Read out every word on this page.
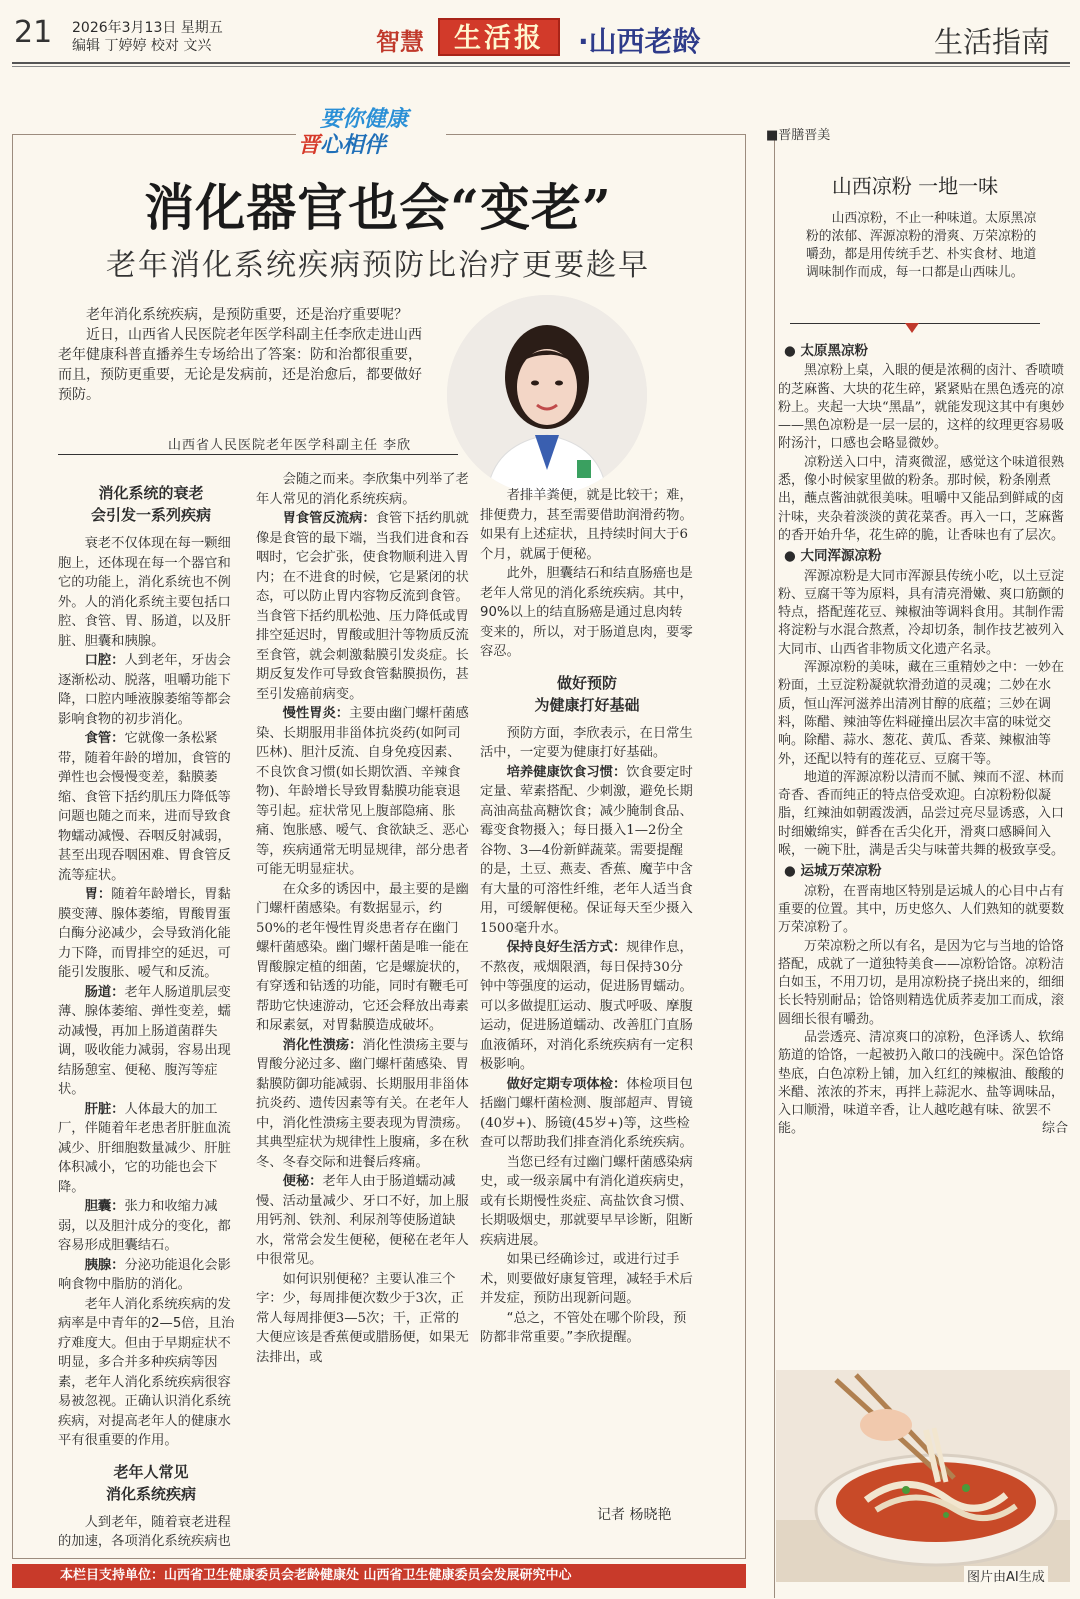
21 2026年3月13日 星期五
编辑 丁婷婷 校对 文兴	智慧	生活报	·山西老龄	生活指南
要你健康
晋心相伴
消化器官也会“变老”
老年消化系统疾病预防比治疗更要趁早

老年消化系统疾病，是预防重要，还是治疗重要呢？

近日，山西省人民医院老年医学科副主任李欣走进山西老年健康科普直播养生专场给出了答案：防和治都很重要，而且，预防更重要，无论是发病前，还是治愈后，都要做好预防。

山西省人民医院老年医学科副主任 李欣
消化系统的衰老
会引发一系列疾病

衰老不仅体现在每一颗细胞上，还体现在每一个器官和它的功能上，消化系统也不例外。人的消化系统主要包括口腔、食管、胃、肠道，以及肝脏、胆囊和胰腺。

口腔：人到老年，牙齿会逐渐松动、脱落，咀嚼功能下降，口腔内唾液腺萎缩等都会影响食物的初步消化。

食管：它就像一条松紧带，随着年龄的增加，食管的弹性也会慢慢变差，黏膜萎缩、食管下括约肌压力降低等问题也随之而来，进而导致食物蠕动减慢、吞咽反射减弱，甚至出现吞咽困难、胃食管反流等症状。

胃：随着年龄增长，胃黏膜变薄、腺体萎缩，胃酸胃蛋白酶分泌减少，会导致消化能力下降，而胃排空的延迟，可能引发腹胀、嗳气和反流。

肠道：老年人肠道肌层变薄、腺体萎缩、弹性变差，蠕动减慢，再加上肠道菌群失调，吸收能力减弱，容易出现结肠憩室、便秘、腹泻等症状。

肝脏：人体最大的加工厂，伴随着年老患者肝脏血流减少、肝细胞数量减少、肝脏体积减小，它的功能也会下降。

胆囊：张力和收缩力减弱，以及胆汁成分的变化，都容易形成胆囊结石。

胰腺：分泌功能退化会影响食物中脂肪的消化。

老年人消化系统疾病的发病率是中青年的2—5倍，且治疗难度大。但由于早期症状不明显，多合并多种疾病等因素，老年人消化系统疾病很容易被忽视。正确认识消化系统疾病，对提高老年人的健康水平有很重要的作用。

老年人常见
消化系统疾病

人到老年，随着衰老进程的加速，各项消化系统疾病也

会随之而来。李欣集中列举了老年人常见的消化系统疾病。

胃食管反流病：食管下括约肌就像是食管的最下端，当我们进食和吞咽时，它会扩张，使食物顺利进入胃内；在不进食的时候，它是紧闭的状态，可以防止胃内容物反流到食管。当食管下括约肌松弛、压力降低或胃排空延迟时，胃酸或胆汁等物质反流至食管，就会刺激黏膜引发炎症。长期反复发作可导致食管黏膜损伤，甚至引发癌前病变。

慢性胃炎：主要由幽门螺杆菌感染、长期服用非甾体抗炎药(如阿司匹林)、胆汁反流、自身免疫因素、不良饮食习惯(如长期饮酒、辛辣食物)、年龄增长导致胃黏膜功能衰退等引起。症状常见上腹部隐痛、胀痛、饱胀感、嗳气、食欲缺乏、恶心等，疾病通常无明显规律，部分患者可能无明显症状。

在众多的诱因中，最主要的是幽门螺杆菌感染。有数据显示，约50%的老年慢性胃炎患者存在幽门螺杆菌感染。幽门螺杆菌是唯一能在胃酸腺定植的细菌，它是螺旋状的，有穿透和钻透的功能，同时有鞭毛可帮助它快速游动，它还会释放出毒素和尿素氨，对胃黏膜造成破坏。

消化性溃疡：消化性溃疡主要与胃酸分泌过多、幽门螺杆菌感染、胃黏膜防御功能减弱、长期服用非甾体抗炎药、遗传因素等有关。在老年人中，消化性溃疡主要表现为胃溃疡。其典型症状为规律性上腹痛，多在秋冬、冬春交际和进餐后疼痛。

便秘：老年人由于肠道蠕动减慢、活动量减少、牙口不好，加上服用钙剂、铁剂、利尿剂等使肠道缺水，常常会发生便秘，便秘在老年人中很常见。

如何识别便秘？主要认准三个字：少，每周排便次数少于3次，正常人每周排便3—5次；干，正常的大便应该是香蕉便或腊肠便，如果无法排出，或

者排羊粪便，就是比较干；难，排便费力，甚至需要借助润滑药物。如果有上述症状，且持续时间大于6个月，就属于便秘。

此外，胆囊结石和结直肠癌也是老年人常见的消化系统疾病。其中，90%以上的结直肠癌是通过息肉转变来的，所以，对于肠道息肉，要零容忍。

做好预防
为健康打好基础

预防方面，李欣表示，在日常生活中，一定要为健康打好基础。

培养健康饮食习惯：饮食要定时定量、荤素搭配、少刺激，避免长期高油高盐高糖饮食；减少腌制食品、霉变食物摄入；每日摄入1—2份全谷物、3—4份新鲜蔬菜。需要提醒的是，土豆、燕麦、香蕉、魔芋中含有大量的可溶性纤维，老年人适当食用，可缓解便秘。保证每天至少摄入1500毫升水。

保持良好生活方式：规律作息，不熬夜，戒烟限酒，每日保持30分钟中等强度的运动，促进肠胃蠕动。可以多做提肛运动、腹式呼吸、摩腹运动，促进肠道蠕动、改善肛门直肠血液循环，对消化系统疾病有一定积极影响。

做好定期专项体检：体检项目包括幽门螺杆菌检测、腹部超声、胃镜(40岁+)、肠镜(45岁+)等，这些检查可以帮助我们排查消化系统疾病。

当您已经有过幽门螺杆菌感染病史，或一级亲属中有消化道疾病史，或有长期慢性炎症、高盐饮食习惯、长期吸烟史，那就要早早诊断，阻断疾病进展。

如果已经确诊过，或进行过手术，则要做好康复管理，减轻手术后并发症，预防出现新问题。

“总之，不管处在哪个阶段，预防都非常重要。”李欣提醒。

记者 杨晓艳
■晋膳晋美
山西凉粉 一地一味

山西凉粉，不止一种味道。太原黑凉粉的浓郁、浑源凉粉的滑爽、万荣凉粉的嚼劲，都是用传统手艺、朴实食材、地道调味制作而成，每一口都是山西味儿。

● 太原黑凉粉

黑凉粉上桌，入眼的便是浓稠的卤汁、香喷喷的芝麻酱、大块的花生碎，紧紧贴在黑色透亮的凉粉上。夹起一大块“黑晶”，就能发现这其中有奥妙——黑色凉粉是一层一层的，这样的纹理更容易吸附汤汁，口感也会略显微妙。

凉粉送入口中，清爽微涩，感觉这个味道很熟悉，像小时候家里做的粉条。那时候，粉条刚煮出，蘸点酱油就很美味。咀嚼中又能品到鲜咸的卤汁味，夹杂着淡淡的黄花菜香。再入一口，芝麻酱的香开始升华，花生碎的脆，让香味也有了层次。

● 大同浑源凉粉

浑源凉粉是大同市浑源县传统小吃，以土豆淀粉、豆腐干等为原料，具有清亮滑嫩、爽口筋颤的特点，搭配莲花豆、辣椒油等调料食用。其制作需将淀粉与水混合熬煮，冷却切条，制作技艺被列入大同市、山西省非物质文化遗产名录。

浑源凉粉的美味，藏在三重精妙之中：一妙在粉面，土豆淀粉凝就软滑劲道的灵魂；二妙在水质，恒山浑河滋养出清冽甘醇的底蕴；三妙在调料，陈醋、辣油等佐料碰撞出层次丰富的味觉交响。除醋、蒜水、葱花、黄瓜、香菜、辣椒油等外，还配以特有的莲花豆、豆腐干等。

地道的浑源凉粉以清而不腻、辣而不涩、林而奇香、香而纯正的特点倍受欢迎。白凉粉粉似凝脂，红辣油如朝霞泼洒，品尝过亮尽显诱惑，入口时细嫩绵实，鲜香在舌尖化开，滑爽口感瞬间入喉，一碗下肚，满是舌尖与味蕾共舞的极致享受。

● 运城万荣凉粉

凉粉，在晋南地区特别是运城人的心目中占有重要的位置。其中，历史悠久、人们熟知的就要数万荣凉粉了。

万荣凉粉之所以有名，是因为它与当地的饸饹搭配，成就了一道独特美食——凉粉饸饹。凉粉洁白如玉，不用刀切，是用凉粉挠子挠出来的，细细长长特别耐品；饸饹则精选优质荞麦加工而成，滚圆细长很有嚼劲。

品尝透亮、清凉爽口的凉粉，色泽诱人、软绵筋道的饸饹，一起被扔入敞口的浅碗中。深色饸饹垫底，白色凉粉上铺，加入红红的辣椒油、酸酸的米醋、浓浓的芥末，再拌上蒜泥水、盐等调味品，入口顺滑，味道辛香，让人越吃越有味、欲罢不能。	综合

图片由AI生成
本栏目支持单位：山西省卫生健康委员会老龄健康处 山西省卫生健康委员会发展研究中心
